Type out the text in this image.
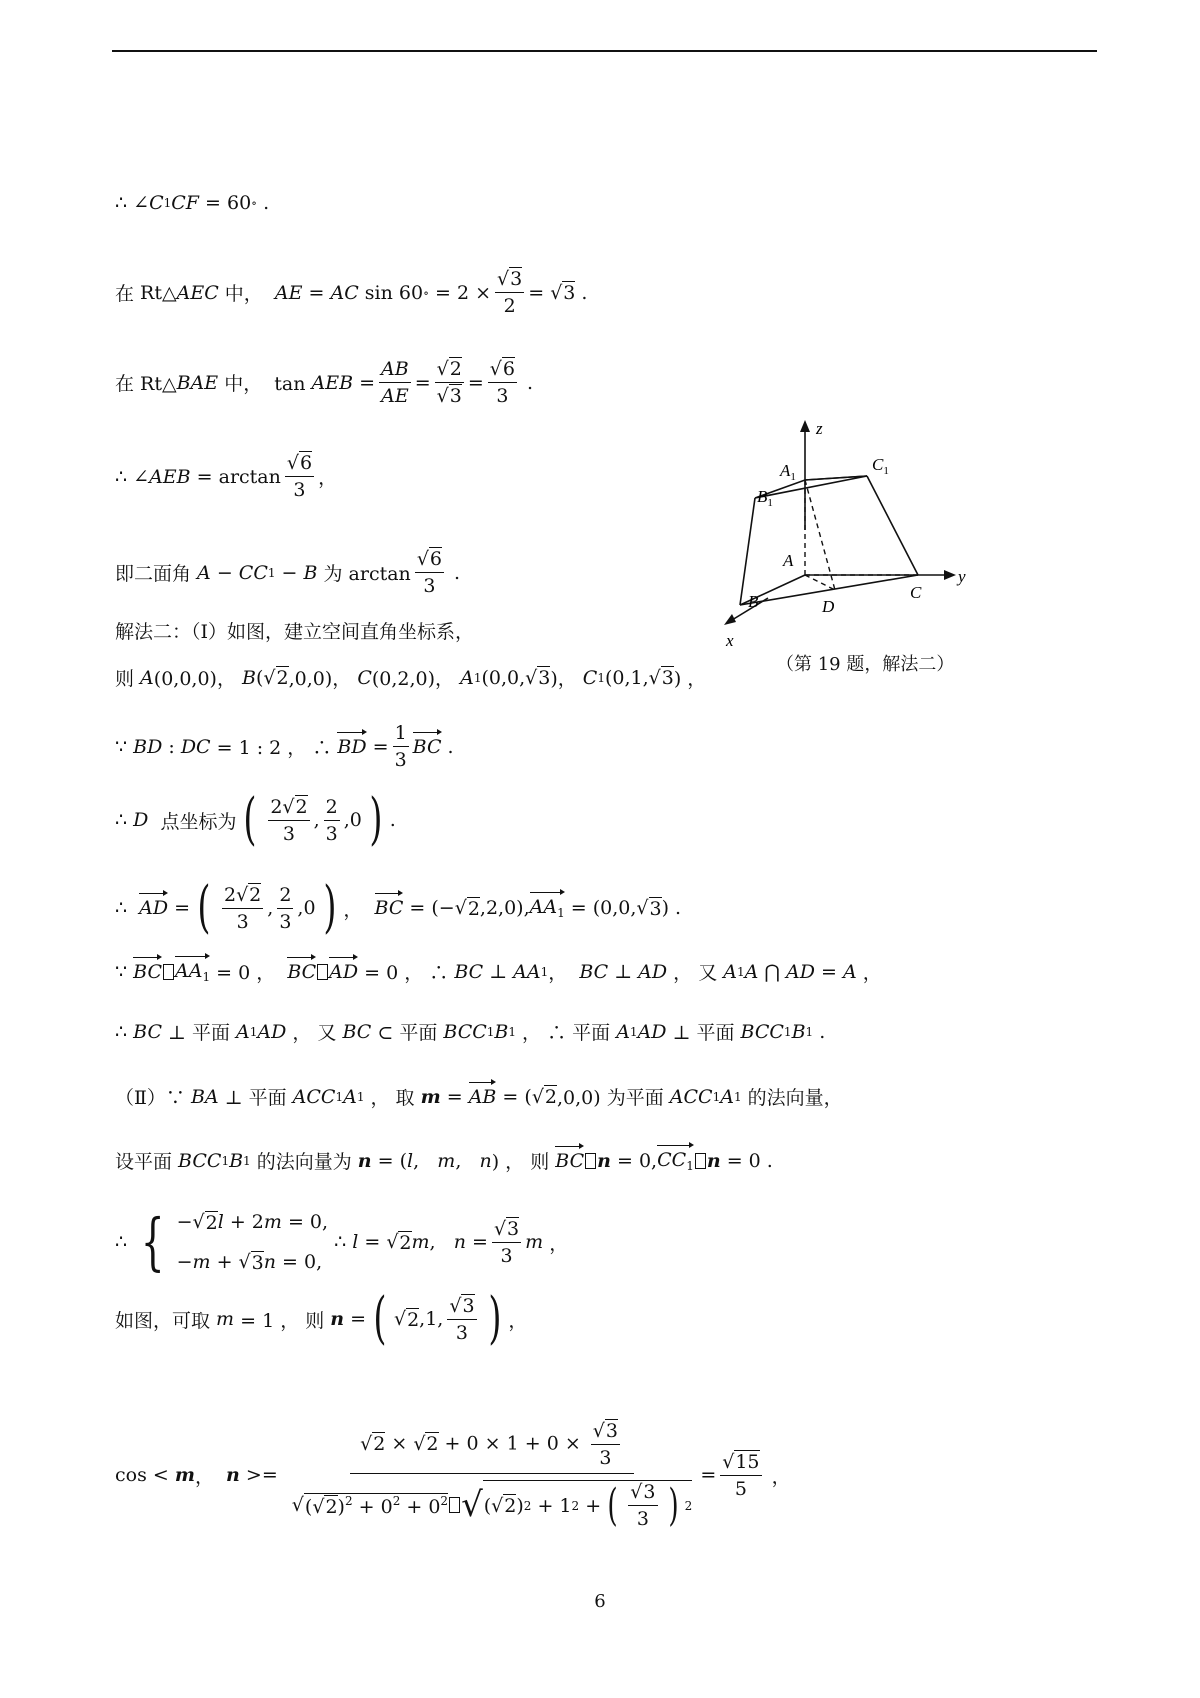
∴ ∠ C 1 CF = 60 ∘ .
在 Rt △ AEC 中， AE = AC sin 60 ∘ = 2 × √ $\frac{3}{2}$ = √ 3 .
在 Rt△ BAE 中，  tan AEB = $\frac{AB}{AE}$ = √ 2
√ 3 = √ $\frac{6}{3}$ .
∴ ∠ AEB = arctan √ $\frac{6}{3}$ ，
即二面角 A − CC 1 − B 为 arctan √ $\frac{6}{3}$ .
解法二：（Ⅰ）如图，建立空间直角坐标系，
则 A (0,0,0)， B ( √ 2 ,0,0)， C (0,2,0)， A 1 (0,0, √ 3 )， C 1 (0,1, √ 3 ) ，
∵ BD : DC = 1 : 2 ， ∴ BD = $\frac{1}{3}$ BC .
∴ D 点坐标为 ( $\frac{2 √ 2}{3}$ , $\frac{2}{3} ,0$ ) .
∴ AD = ( $\frac{2 √ 2}{3}$ , $\frac{2}{3} ,0$ ) ， BC = (− √ 2 ,2,0), $AA_1 = (0,0$, √ 3 ) .
∵ BC $AA_1 = 0$ ， BC AD = 0 ， ∴ BC ⊥ AA 1 ， BC ⊥ AD ， 又 A 1 A ⋂ AD = A ，
∴ BC ⊥ 平面 A 1 AD ， 又 BC ⊂ 平面 BCC 1 B 1 ， ∴ 平面 A 1 AD ⊥ 平面 BCC 1 B 1 .
（Ⅱ）∵ BA ⊥ 平面 ACC 1 A 1 ， 取 m = AB = ( √ 2 ,0,0) 为平面 ACC 1 A 1 的法向量，
设平面 BCC 1 B 1 的法向量为 n = ( l , m , n ) ， 则 BC n = 0, $CC_1$ n = 0 .
∴ { − √ 2 l + 2 m = 0,
− m + √ 3 n = 0,
∴ l = √ 2 m , n = √ $\frac{3}{3}$ m ，
如图，可取 m = 1 ， 则 n = ( √ 2 ,1, √ $\frac{3}{3}$ ) ，
cos < m ， n >= √ 2 × √ 2 + 0 × 1 + 0 × √ $\frac{3}{3}$
√
( √ $2)^2 + 0^2 + 0^2$ √ ( √ 2 ) 2 + 1 2 + ( √ $\frac{3}{3}$ ) 2 = √ $\frac{15}{5}$ ，
z
y
x
$A_1$
$C_1$
$B_1$
A
B	C
D
（第 19 题，解法二）
6
